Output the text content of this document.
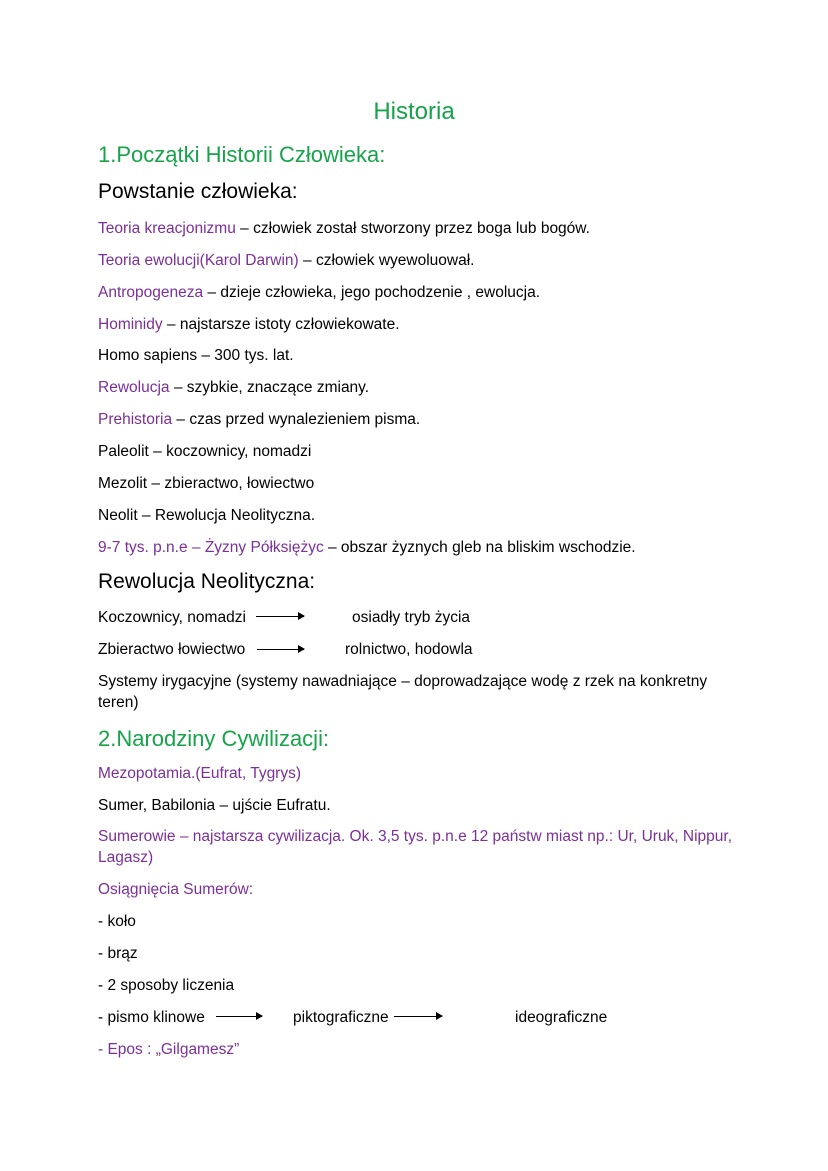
Historia
1.Początki Historii Człowieka:
Powstanie człowieka:
Teoria kreacjonizmu – człowiek został stworzony przez boga lub bogów.
Teoria ewolucji(Karol Darwin) – człowiek wyewoluował.
Antropogeneza – dzieje człowieka, jego pochodzenie , ewolucja.
Hominidy – najstarsze istoty człowiekowate.
Homo sapiens – 300 tys. lat.
Rewolucja – szybkie, znaczące zmiany.
Prehistoria – czas przed wynalezieniem pisma.
Paleolit – koczownicy, nomadzi
Mezolit – zbieractwo, łowiectwo
Neolit – Rewolucja Neolityczna.
9-7 tys. p.n.e – Żyzny Półksiężyc – obszar żyznych gleb na bliskim wschodzie.
Rewolucja Neolityczna:
Koczownicy, nomadzi	osiadły tryb życia
Zbieractwo łowiectwo	rolnictwo, hodowla
Systemy irygacyjne (systemy nawadniające – doprowadzające wodę z rzek na konkretny teren)
2.Narodziny Cywilizacji:
Mezopotamia.(Eufrat, Tygrys)
Sumer, Babilonia – ujście Eufratu.
Sumerowie – najstarsza cywilizacja. Ok. 3,5 tys. p.n.e 12 państw miast np.: Ur, Uruk, Nippur, Lagasz)
Osiągnięcia Sumerów:
- koło
- brąz
- 2 sposoby liczenia
- pismo klinowe	piktograficzne	ideograficzne
- Epos : „Gilgamesz”
